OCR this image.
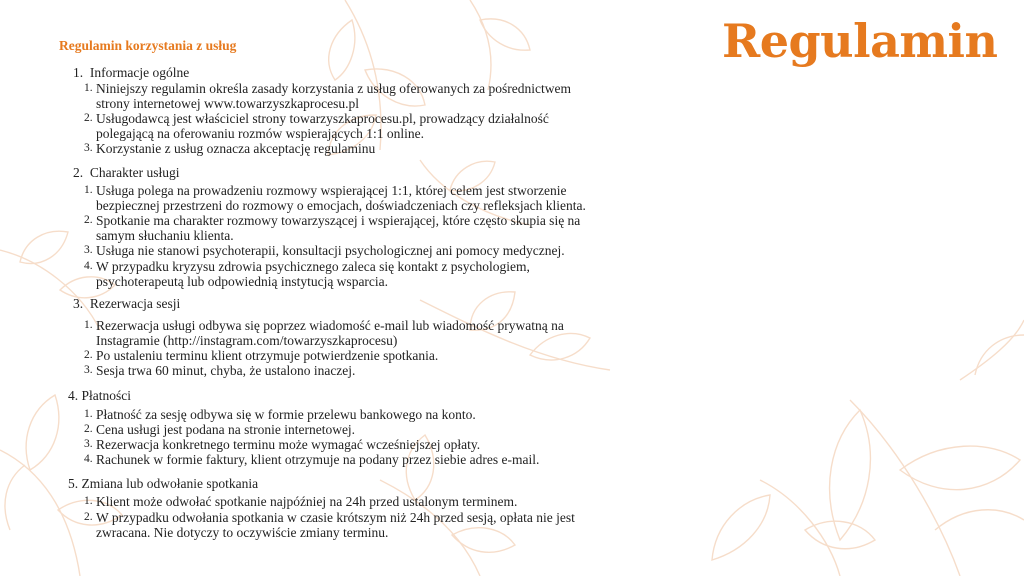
Regulamin
Regulamin korzystania z usług
1. Informacje ogólne
1. Niniejszy regulamin określa zasady korzystania z usług oferowanych za pośrednictwem
strony internetowej www.towarzyszkaprocesu.pl
2. Usługodawcą jest właściciel strony towarzyszkaprocesu.pl, prowadzący działalność
polegającą na oferowaniu rozmów wspierających 1:1 online.
3. Korzystanie z usług oznacza akceptację regulaminu
2. Charakter usługi
1. Usługa polega na prowadzeniu rozmowy wspierającej 1:1, której celem jest stworzenie
bezpiecznej przestrzeni do rozmowy o emocjach, doświadczeniach czy refleksjach klienta.
2. Spotkanie ma charakter rozmowy towarzyszącej i wspierającej, które często skupia się na
samym słuchaniu klienta.
3. Usługa nie stanowi psychoterapii, konsultacji psychologicznej ani pomocy medycznej.
4. W przypadku kryzysu zdrowia psychicznego zaleca się kontakt z psychologiem,
psychoterapeutą lub odpowiednią instytucją wsparcia.
3. Rezerwacja sesji
1. Rezerwacja usługi odbywa się poprzez wiadomość e-mail lub wiadomość prywatną na
Instagramie (http://instagram.com/towarzyszkaprocesu)
2. Po ustaleniu terminu klient otrzymuje potwierdzenie spotkania.
3. Sesja trwa 60 minut, chyba, że ustalono inaczej.
4. Płatności
1. Płatność za sesję odbywa się w formie przelewu bankowego na konto.
2. Cena usługi jest podana na stronie internetowej.
3. Rezerwacja konkretnego terminu może wymagać wcześniejszej opłaty.
4. Rachunek w formie faktury, klient otrzymuje na podany przez siebie adres e-mail.
5. Zmiana lub odwołanie spotkania
1. Klient może odwołać spotkanie najpóźniej na 24h przed ustalonym terminem.
2. W przypadku odwołania spotkania w czasie krótszym niż 24h przed sesją, opłata nie jest
zwracana. Nie dotyczy to oczywiście zmiany terminu.
